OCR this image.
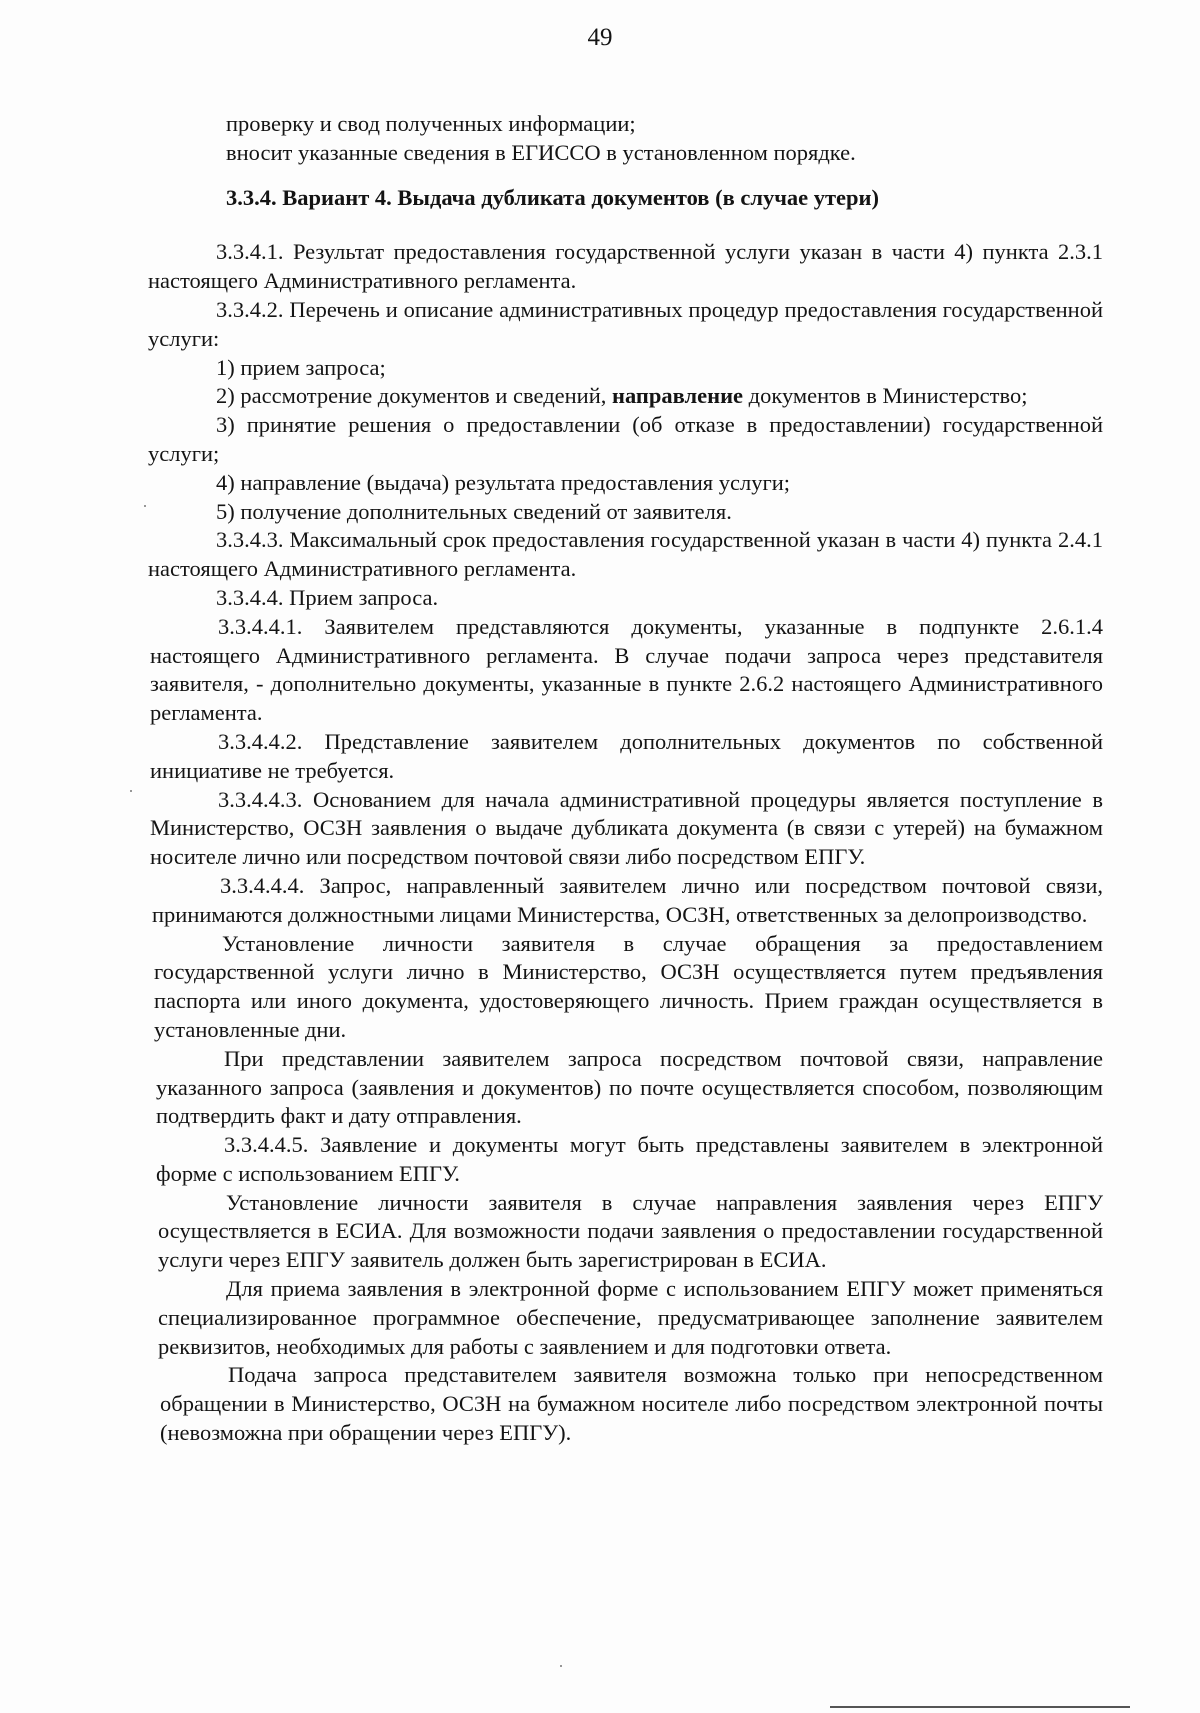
49

проверку и свод полученных информации;

вносит указанные сведения в ЕГИССО в установленном порядке.

3.3.4. Вариант 4. Выдача дубликата документов (в случае утери)

3.3.4.1. Результат предоставления государственной услуги указан в части 4) пункта 2.3.1 настоящего Административного регламента.

3.3.4.2. Перечень и описание административных процедур предоставления государственной услуги:

1) прием запроса;

2) рассмотрение документов и сведений, направление документов в Министерство;

3) принятие решения о предоставлении (об отказе в предоставлении) государственной услуги;

4) направление (выдача) результата предоставления услуги;

5) получение дополнительных сведений от заявителя.

3.3.4.3. Максимальный срок предоставления государственной указан в части 4) пункта 2.4.1 настоящего Административного регламента.

3.3.4.4. Прием запроса.

3.3.4.4.1. Заявителем представляются документы, указанные в подпункте 2.6.1.4 настоящего Административного регламента. В случае подачи запроса через представителя заявителя, - дополнительно документы, указанные в пункте 2.6.2 настоящего Административного регламента.

3.3.4.4.2. Представление заявителем дополнительных документов по собственной инициативе не требуется.

3.3.4.4.3. Основанием для начала административной процедуры является поступление в Министерство, ОСЗН заявления о выдаче дубликата документа (в связи с утерей) на бумажном носителе лично или посредством почтовой связи либо посредством ЕПГУ.

3.3.4.4.4. Запрос, направленный заявителем лично или посредством почтовой связи, принимаются должностными лицами Министерства, ОСЗН, ответственных за делопроизводство.

Установление личности заявителя в случае обращения за предоставлением государственной услуги лично в Министерство, ОСЗН осуществляется путем предъявления паспорта или иного документа, удостоверяющего личность. Прием граждан осуществляется в установленные дни.

При представлении заявителем запроса посредством почтовой связи, направление указанного запроса (заявления и документов) по почте осуществляется способом, позволяющим подтвердить факт и дату отправления.

3.3.4.4.5. Заявление и документы могут быть представлены заявителем в электронной форме с использованием ЕПГУ.

Установление личности заявителя в случае направления заявления через ЕПГУ осуществляется в ЕСИА. Для возможности подачи заявления о предоставлении государственной услуги через ЕПГУ заявитель должен быть зарегистрирован в ЕСИА.

Для приема заявления в электронной форме с использованием ЕПГУ может применяться специализированное программное обеспечение, предусматривающее заполнение заявителем реквизитов, необходимых для работы с заявлением и для подготовки ответа.

Подача запроса представителем заявителя возможна только при непосредственном обращении в Министерство, ОСЗН на бумажном носителе либо посредством электронной почты (невозможна при обращении через ЕПГУ).
